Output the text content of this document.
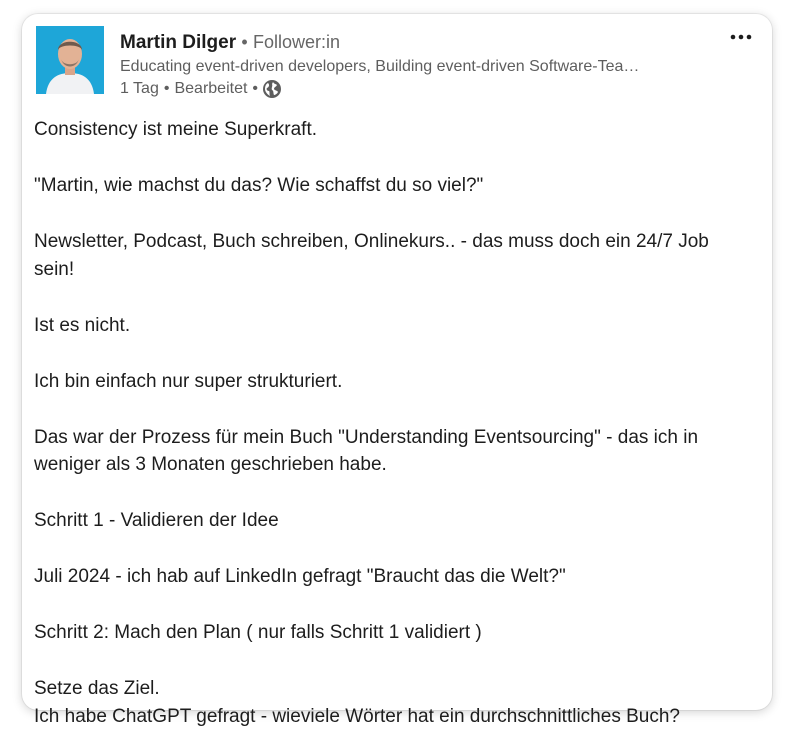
Martin Dilger • Follower:in
Educating event-driven developers, Building event-driven Software-Tea…
1 Tag • Bearbeitet •

Consistency ist meine Superkraft.

"Martin, wie machst du das? Wie schaffst du so viel?"

Newsletter, Podcast, Buch schreiben, Onlinekurs.. - das muss doch ein 24/7 Job

sein!

Ist es nicht.

Ich bin einfach nur super strukturiert.

Das war der Prozess für mein Buch "Understanding Eventsourcing" - das ich in

weniger als 3 Monaten geschrieben habe.

Schritt 1 - Validieren der Idee

Juli 2024 - ich hab auf LinkedIn gefragt "Braucht das die Welt?"

Schritt 2: Mach den Plan ( nur falls Schritt 1 validiert )

Setze das Ziel.

Ich habe ChatGPT gefragt - wieviele Wörter hat ein durchschnittliches Buch?
